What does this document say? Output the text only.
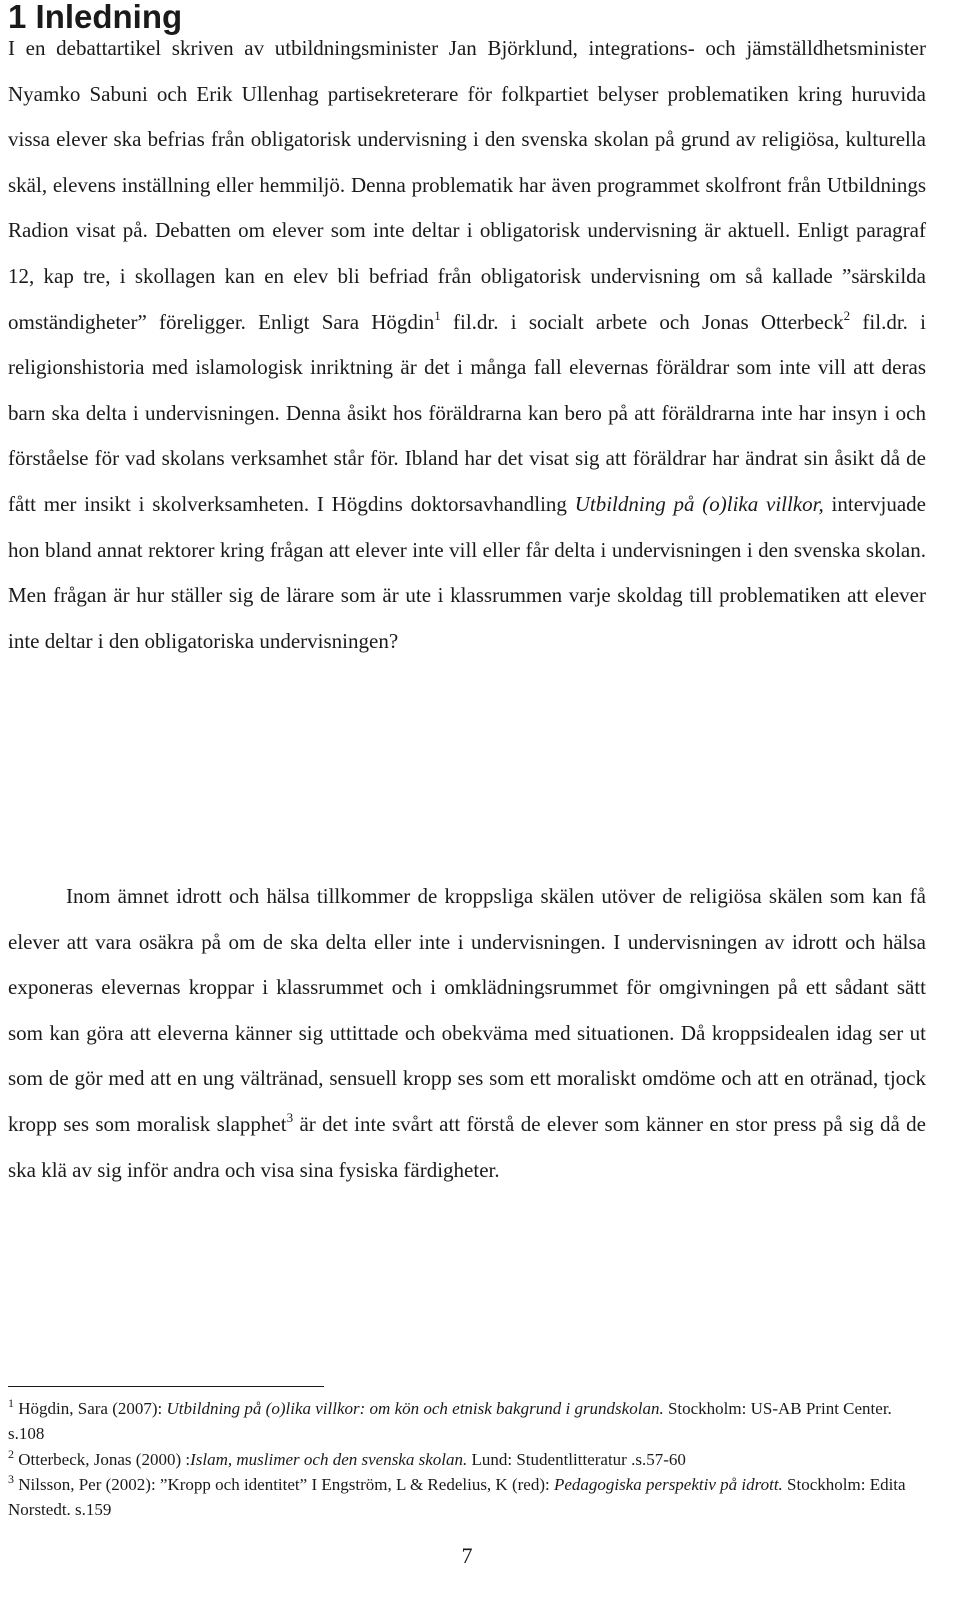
1 Inledning

I en debattartikel skriven av utbildningsminister Jan Björklund, integrations- och jämställdhetsminister Nyamko Sabuni och Erik Ullenhag partisekreterare för folkpartiet belyser problematiken kring huruvida vissa elever ska befrias från obligatorisk undervisning i den svenska skolan på grund av religiösa, kulturella skäl, elevens inställning eller hemmiljö. Denna problematik har även programmet skolfront från Utbildnings Radion visat på. Debatten om elever som inte deltar i obligatorisk undervisning är aktuell. Enligt paragraf 12, kap tre, i skollagen kan en elev bli befriad från obligatorisk undervisning om så kallade ”särskilda omständigheter” föreligger. Enligt Sara Högdin$^1$ fil.dr. i socialt arbete och Jonas Otterbeck$^2$ fil.dr. i religionshistoria med islamologisk inriktning är det i många fall elevernas föräldrar som inte vill att deras barn ska delta i undervisningen. Denna åsikt hos föräldrarna kan bero på att föräldrarna inte har insyn i och förståelse för vad skolans verksamhet står för. Ibland har det visat sig att föräldrar har ändrat sin åsikt då de fått mer insikt i skolverksamheten. I Högdins doktorsavhandling Utbildning på (o)lika villkor, intervjuade hon bland annat rektorer kring frågan att elever inte vill eller får delta i undervisningen i den svenska skolan. Men frågan är hur ställer sig de lärare som är ute i klassrummen varje skoldag till problematiken att elever inte deltar i den obligatoriska undervisningen?

Inom ämnet idrott och hälsa tillkommer de kroppsliga skälen utöver de religiösa skälen som kan få elever att vara osäkra på om de ska delta eller inte i undervisningen. I undervisningen av idrott och hälsa exponeras elevernas kroppar i klassrummet och i omklädningsrummet för omgivningen på ett sådant sätt som kan göra att eleverna känner sig uttittade och obekväma med situationen. Då kroppsidealen idag ser ut som de gör med att en ung vältränad, sensuell kropp ses som ett moraliskt omdöme och att en otränad, tjock kropp ses som moralisk slapphet$^3$ är det inte svårt att förstå de elever som känner en stor press på sig då de ska klä av sig inför andra och visa sina fysiska färdigheter.

$^1$ Högdin, Sara (2007): Utbildning på (o)lika villkor: om kön och etnisk bakgrund i grundskolan. Stockholm: US-AB Print Center. s.108

$^2$ Otterbeck, Jonas (2000) :Islam, muslimer och den svenska skolan. Lund: Studentlitteratur .s.57-60

$^3$ Nilsson, Per (2002): ”Kropp och identitet” I Engström, L & Redelius, K (red): Pedagogiska perspektiv på idrott. Stockholm: Edita Norstedt. s.159

7
